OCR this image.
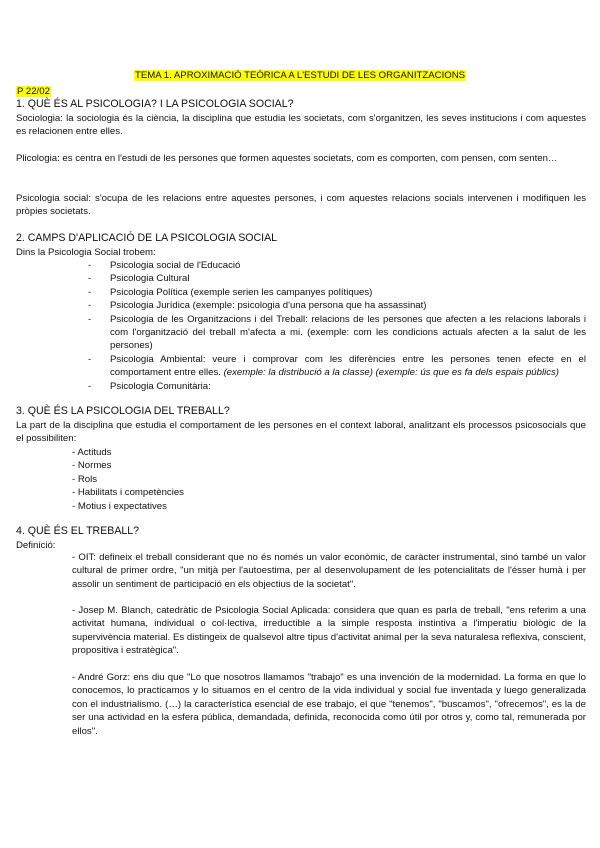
TEMA 1. APROXIMACIÓ TEÒRICA A L'ESTUDI DE LES ORGANITZACIONS
P 22/02
1. QUÈ ÉS AL PSICOLOGIA? I LA PSICOLOGIA SOCIAL?

Sociologia: la sociologia és la ciència, la disciplina que estudia les societats, com s'organitzen, les seves institucions i com aquestes es relacionen entre elles.

Plicologia: es centra en l'estudi de les persones que formen aquestes societats, com es comporten, com pensen, com senten…

Psicologia social: s'ocupa de les relacions entre aquestes persones, i com aquestes relacions socials intervenen i modifiquen les pròpies societats.

2. CAMPS D'APLICACIÓ DE LA PSICOLOGIA SOCIAL
Dins la Psicologia Social trobem:
- Psicologia social de l'Educació
- Psicologia Cultural
- Psicologia Política (exemple serien les campanyes polítiques)
- Psicologia Jurídica (exemple: psicologia d'una persona que ha assassinat)
- Psicologia de les Organitzacions i del Treball: relacions de les persones que afecten a les relacions laborals i com l'organització del treball m'afecta a mi. (exemple: com les condicions actuals afecten a la salut de les persones)
- Psicologia Ambiental: veure i comprovar com les diferències entre les persones tenen efecte en el comportament entre elles. (exemple: la distribució a la classe) (exemple: ús que es fa dels espais públics)
- Psicologia Comunitària:
3. QUÈ ÉS LA PSICOLOGIA DEL TREBALL?

La part de la disciplina que estudia el comportament de les persones en el context laboral, analitzant els processos psicosocials que el possibiliten:

- Actituds
- Normes
- Rols
- Habilitats i competències
- Motius i expectatives
4. QUÈ ÉS EL TREBALL?
Definició:

- OIT: defineix el treball considerant que no és només un valor econòmic, de caràcter instrumental, sinó també un valor cultural de primer ordre, "un mitjà per l'autoestima, per al desenvolupament de les potencialitats de l'ésser humà i per assolir un sentiment de participació en els objectius de la societat".

- Josep M. Blanch, catedràtic de Psicologia Social Aplicada: considera que quan es parla de treball, "ens referim a una activitat humana, individual o col·lectiva, irreductible a la simple resposta instintiva a l'imperatiu biològic de la supervivència material. Es distingeix de qualsevol altre tipus d'activitat animal per la seva naturalesa reflexiva, conscient, propositiva i estratègica".

- André Gorz: ens diu que "Lo que nosotros llamamos "trabajo" es una invención de la modernidad. La forma en que lo conocemos, lo practicamos y lo situamos en el centro de la vida individual y social fue inventada y luego generalizada con el industrialismo. (…) la característica esencial de ese trabajo, el que "tenemos", "buscamos", "ofrecemos", es la de ser una actividad en la esfera pública, demandada, definida, reconocida como útil por otros y, como tal, remunerada por ellos".
